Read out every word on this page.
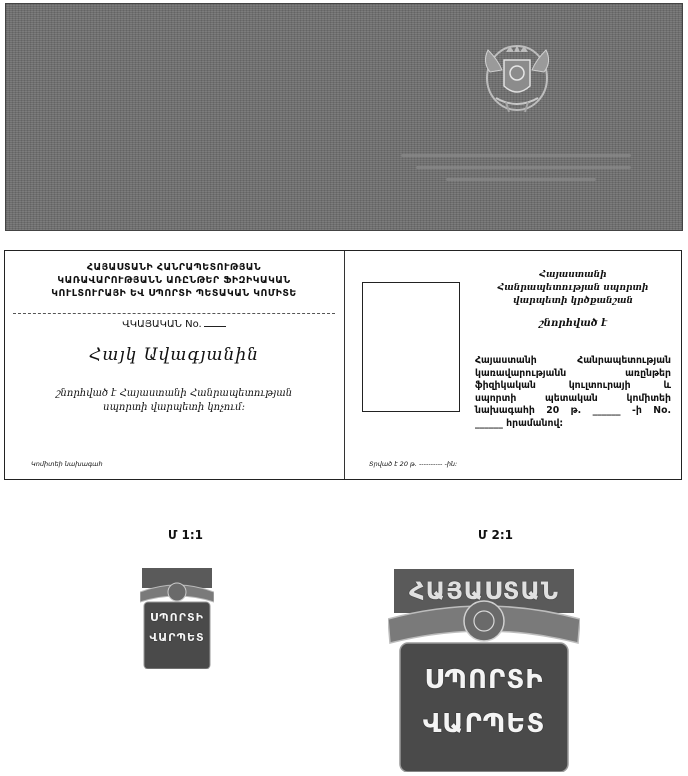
ՀԱՅԱՍՏԱՆԻ ՀԱՆՐԱՊԵՏՈՒԹՅԱՆ
ԿԱՌԱՎԱՐՈՒԹՅԱՆՆ ԱՌԸՆԹԵՐ ՖԻԶԻԿԱԿԱՆ
ԿՈՒԼՏՈՒՐԱՅԻ ԵՎ ՍՊՈՐՏԻ ՊԵՏԱԿԱՆ ԿՈՄԻՏԵ
ՎԿԱՅԱԿԱՆ No.
Հայկ Ավագյանին
շնորհված է Հայաստանի Հանրապետության
սպորտի վարպետի կոչում:
Կոմիտեի նախագահ
Հայաստանի
Հանրապետության սպորտի
վարպետի կրծքանշան
շնորհված է
Հայաստանի Հանրապետության
կառավարությանն առընթեր
ֆիզիկական կուլտուրայի և
սպորտի պետական կոմիտեի
նախագահի 20 թ. ______ -ի No.
______ հրամանով:
Տրված է 20 թ. ---------- -ին:
Մ 1:1	Մ 2:1
ՍՊՈՐՏԻ
ՎԱՐՊԵՏ
ՀԱՅԱՍՏԱՆ
ՍՊՈՐՏԻ
ՎԱՐՊԵՏ
